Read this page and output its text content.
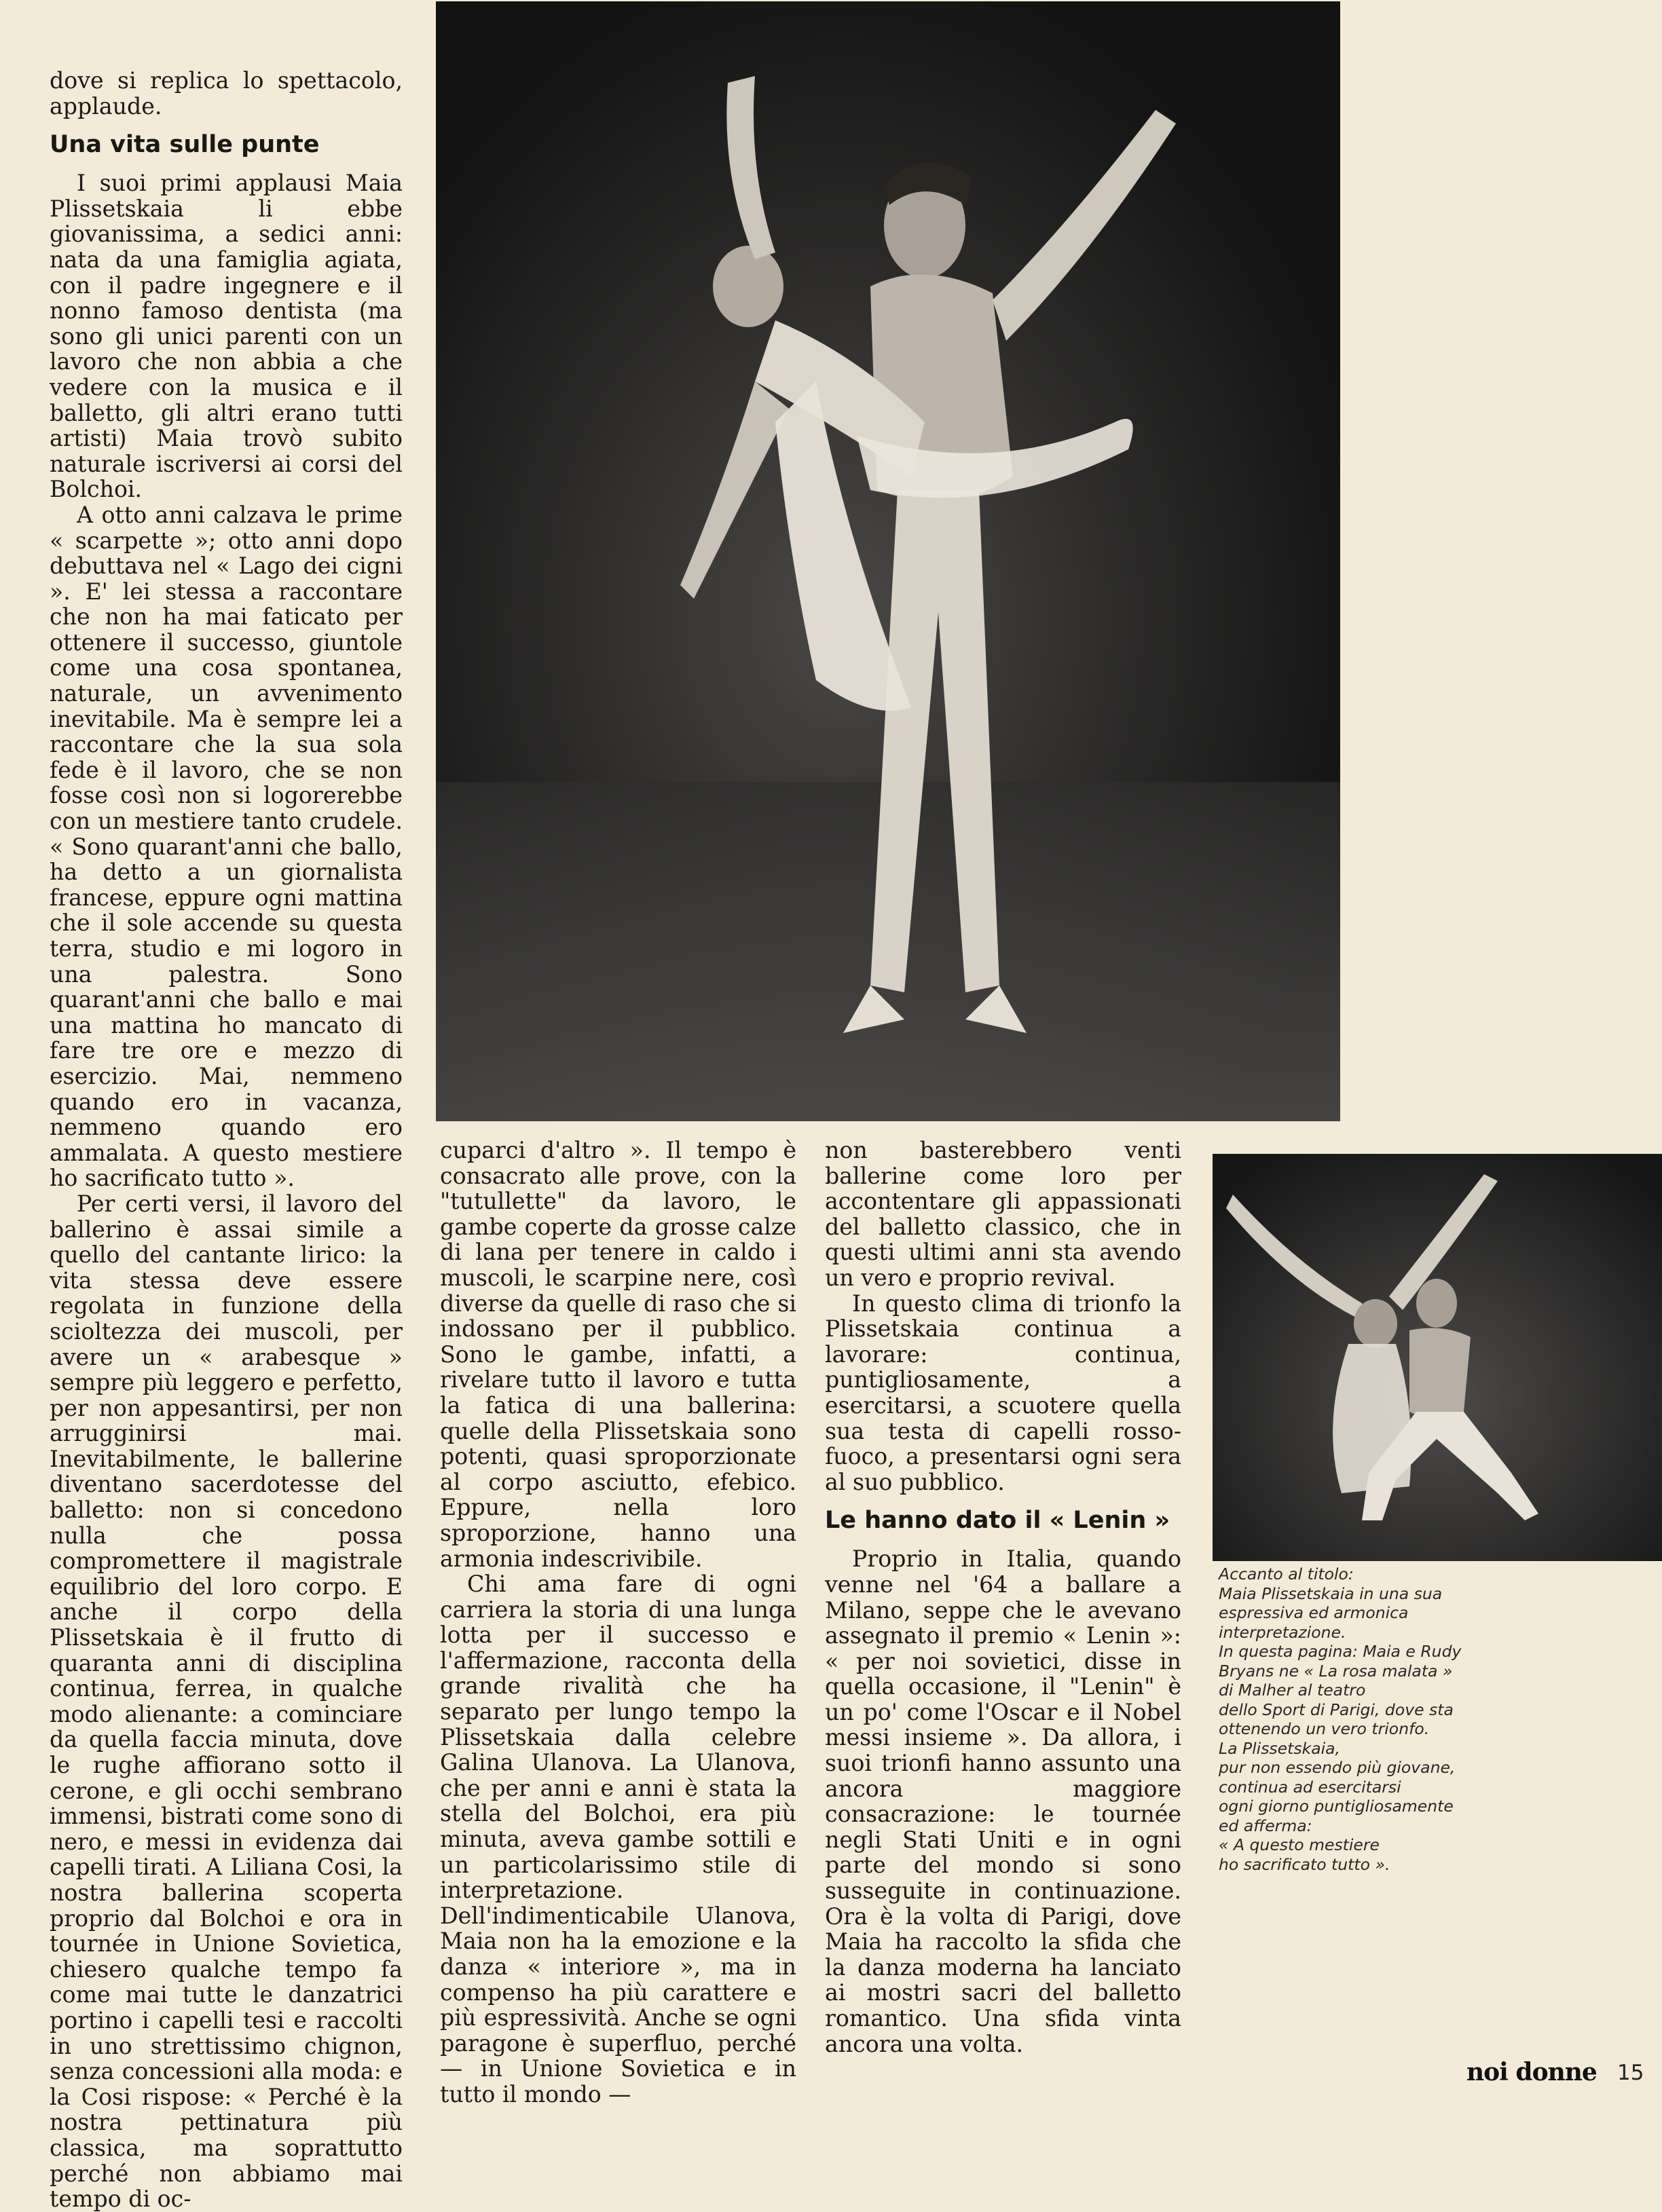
dove si replica lo spettacolo, applaude.

Una vita sulle punte

I suoi primi applausi Maia Plissetskaia li ebbe giovanissima, a sedici anni: nata da una famiglia agiata, con il padre ingegnere e il nonno famoso dentista (ma sono gli unici parenti con un lavoro che non abbia a che vedere con la musica e il balletto, gli altri erano tutti artisti) Maia trovò subito naturale iscriversi ai corsi del Bolchoi.

A otto anni calzava le prime « scarpette »; otto anni dopo debuttava nel « Lago dei cigni ». E' lei stessa a raccontare che non ha mai faticato per ottenere il successo, giuntole come una cosa spontanea, naturale, un avvenimento inevitabile. Ma è sempre lei a raccontare che la sua sola fede è il lavoro, che se non fosse così non si logorerebbe con un mestiere tanto crudele. « Sono quarant'anni che ballo, ha detto a un giornalista francese, eppure ogni mattina che il sole accende su questa terra, studio e mi logoro in una palestra. Sono quarant'anni che ballo e mai una mattina ho mancato di fare tre ore e mezzo di esercizio. Mai, nemmeno quando ero in vacanza, nemmeno quando ero ammalata. A questo mestiere ho sacrificato tutto ».

Per certi versi, il lavoro del ballerino è assai simile a quello del cantante lirico: la vita stessa deve essere regolata in funzione della scioltezza dei muscoli, per avere un « arabesque » sempre più leggero e perfetto, per non appesantirsi, per non arrugginirsi mai. Inevitabilmente, le ballerine diventano sacerdotesse del balletto: non si concedono nulla che possa compromettere il magistrale equilibrio del loro corpo. E anche il corpo della Plissetskaia è il frutto di quaranta anni di disciplina continua, ferrea, in qualche modo alienante: a cominciare da quella faccia minuta, dove le rughe affiorano sotto il cerone, e gli occhi sembrano immensi, bistrati come sono di nero, e messi in evidenza dai capelli tirati. A Liliana Cosi, la nostra ballerina scoperta proprio dal Bolchoi e ora in tournée in Unione Sovietica, chiesero qualche tempo fa come mai tutte le danzatrici portino i capelli tesi e raccolti in uno strettissimo chignon, senza concessioni alla moda: e la Cosi rispose: « Perché è la nostra pettinatura più classica, ma soprattutto perché non abbiamo mai tempo di oc-

cuparci d'altro ». Il tempo è consacrato alle prove, con la "tutullette" da lavoro, le gambe coperte da grosse calze di lana per tenere in caldo i muscoli, le scarpine nere, così diverse da quelle di raso che si indossano per il pubblico. Sono le gambe, infatti, a rivelare tutto il lavoro e tutta la fatica di una ballerina: quelle della Plissetskaia sono potenti, quasi sproporzionate al corpo asciutto, efebico. Eppure, nella loro sproporzione, hanno una armonia indescrivibile.

Chi ama fare di ogni carriera la storia di una lunga lotta per il successo e l'affermazione, racconta della grande rivalità che ha separato per lungo tempo la Plissetskaia dalla celebre Galina Ulanova. La Ulanova, che per anni e anni è stata la stella del Bolchoi, era più minuta, aveva gambe sottili e un particolarissimo stile di interpretazione. Dell'indimenticabile Ulanova, Maia non ha la emozione e la danza « interiore », ma in compenso ha più carattere e più espressività. Anche se ogni paragone è superfluo, perché — in Unione Sovietica e in tutto il mondo —

non basterebbero venti ballerine come loro per accontentare gli appassionati del balletto classico, che in questi ultimi anni sta avendo un vero e proprio revival.

In questo clima di trionfo la Plissetskaia continua a lavorare: continua, puntigliosamente, a esercitarsi, a scuotere quella sua testa di capelli rosso-fuoco, a presentarsi ogni sera al suo pubblico.

Le hanno dato il « Lenin »

Proprio in Italia, quando venne nel '64 a ballare a Milano, seppe che le avevano assegnato il premio « Lenin »: « per noi sovietici, disse in quella occasione, il "Lenin" è un po' come l'Oscar e il Nobel messi insieme ». Da allora, i suoi trionfi hanno assunto una ancora maggiore consacrazione: le tournée negli Stati Uniti e in ogni parte del mondo si sono susseguite in continuazione. Ora è la volta di Parigi, dove Maia ha raccolto la sfida che la danza moderna ha lanciato ai mostri sacri del balletto romantico. Una sfida vinta ancora una volta.

Accanto al titolo:

Maia Plissetskaia in una sua

espressiva ed armonica

interpretazione.

In questa pagina: Maia e Rudy

Bryans ne « La rosa malata »

di Malher al teatro

dello Sport di Parigi, dove sta

ottenendo un vero trionfo.

La Plissetskaia,

pur non essendo più giovane,

continua ad esercitarsi

ogni giorno puntigliosamente

ed afferma:

« A questo mestiere

ho sacrificato tutto ».

noi donne 15
